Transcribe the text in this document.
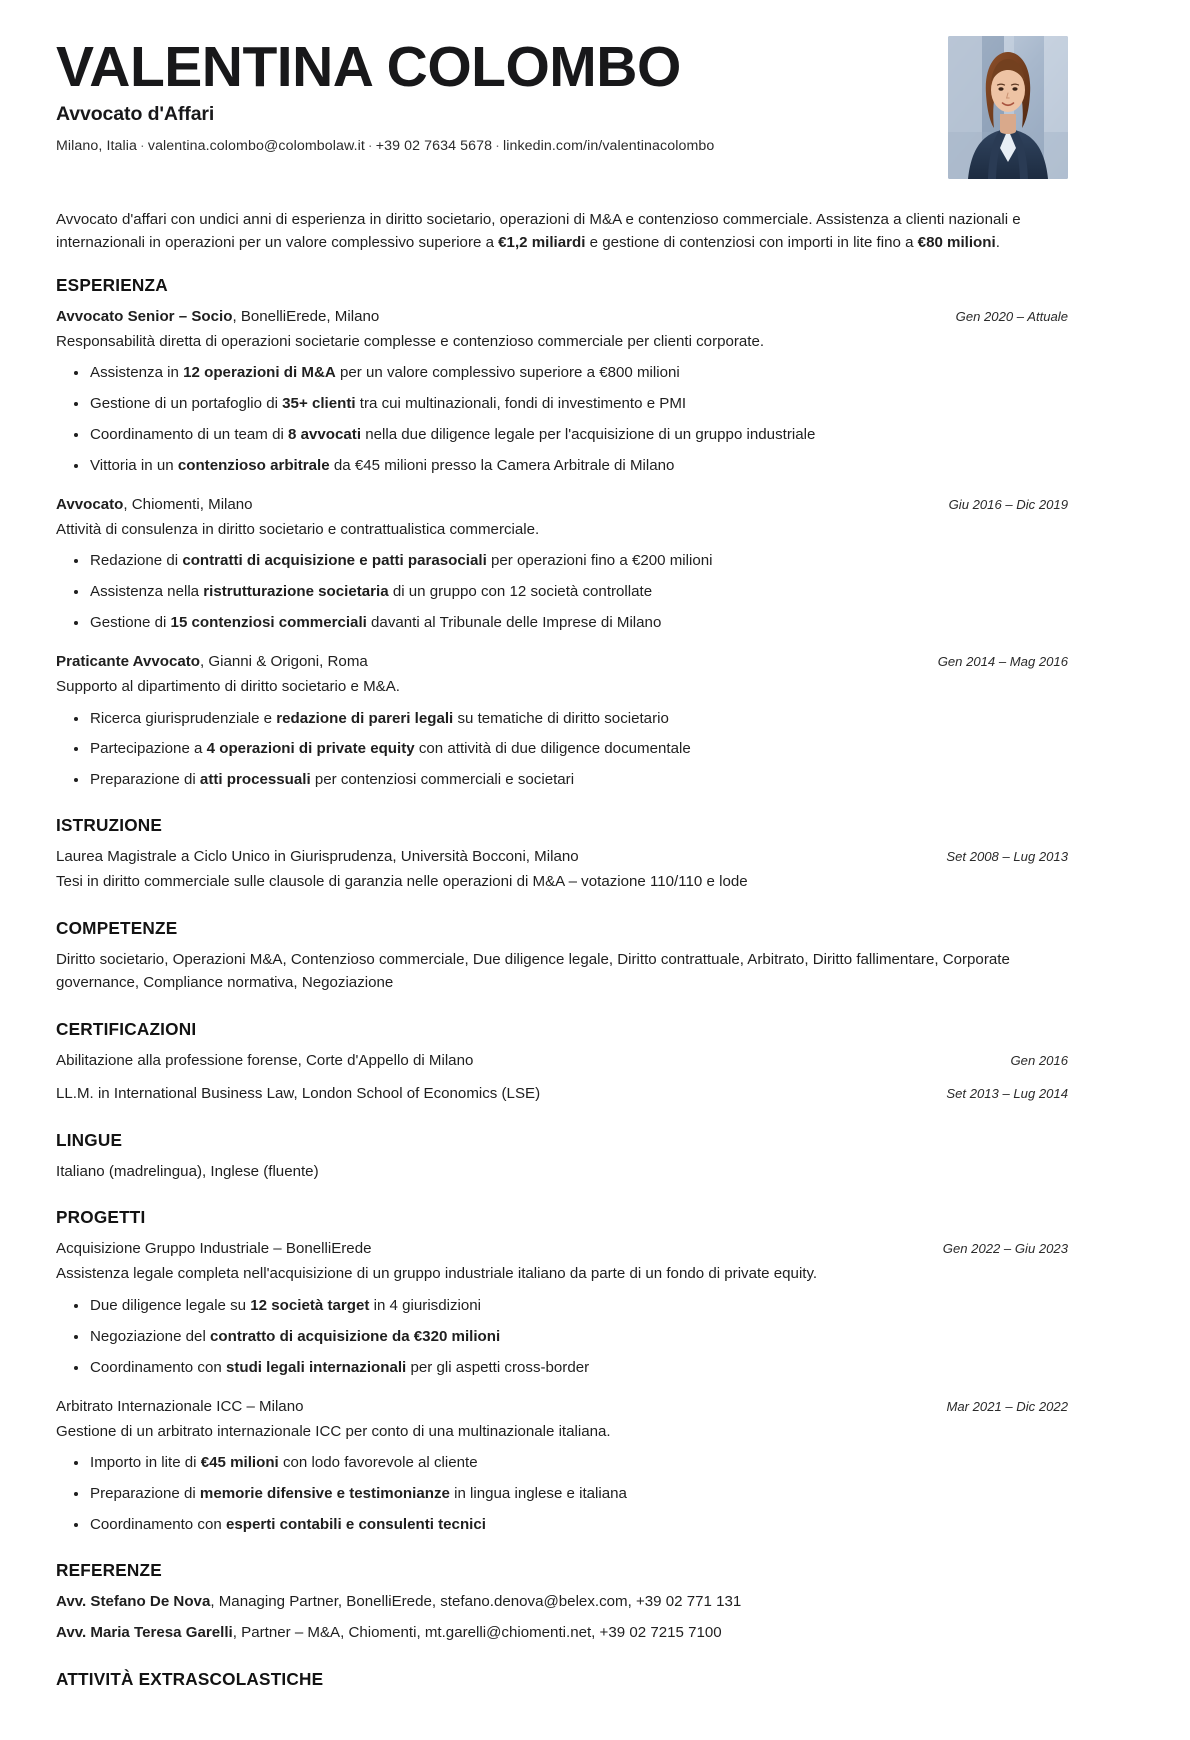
VALENTINA COLOMBO
Avvocato d'Affari
Milano, Italia · valentina.colombo@colombolaw.it · +39 02 7634 5678 · linkedin.com/in/valentinacolombo

Avvocato d'affari con undici anni di esperienza in diritto societario, operazioni di M&A e contenzioso commerciale. Assistenza a clienti nazionali e internazionali in operazioni per un valore complessivo superiore a €1,2 miliardi e gestione di contenziosi con importi in lite fino a €80 milioni.

ESPERIENZA
Avvocato Senior – Socio, BonelliErede, Milano	Gen 2020 – Attuale
Responsabilità diretta di operazioni societarie complesse e contenzioso commerciale per clienti corporate.
Assistenza in 12 operazioni di M&A per un valore complessivo superiore a €800 milioni
Gestione di un portafoglio di 35+ clienti tra cui multinazionali, fondi di investimento e PMI
Coordinamento di un team di 8 avvocati nella due diligence legale per l'acquisizione di un gruppo industriale
Vittoria in un contenzioso arbitrale da €45 milioni presso la Camera Arbitrale di Milano
Avvocato, Chiomenti, Milano	Giu 2016 – Dic 2019
Attività di consulenza in diritto societario e contrattualistica commerciale.
Redazione di contratti di acquisizione e patti parasociali per operazioni fino a €200 milioni
Assistenza nella ristrutturazione societaria di un gruppo con 12 società controllate
Gestione di 15 contenziosi commerciali davanti al Tribunale delle Imprese di Milano
Praticante Avvocato, Gianni & Origoni, Roma	Gen 2014 – Mag 2016
Supporto al dipartimento di diritto societario e M&A.
Ricerca giurisprudenziale e redazione di pareri legali su tematiche di diritto societario
Partecipazione a 4 operazioni di private equity con attività di due diligence documentale
Preparazione di atti processuali per contenziosi commerciali e societari
ISTRUZIONE
Laurea Magistrale a Ciclo Unico in Giurisprudenza, Università Bocconi, Milano	Set 2008 – Lug 2013
Tesi in diritto commerciale sulle clausole di garanzia nelle operazioni di M&A – votazione 110/110 e lode
COMPETENZE
Diritto societario, Operazioni M&A, Contenzioso commerciale, Due diligence legale, Diritto contrattuale, Arbitrato, Diritto fallimentare, Corporate governance, Compliance normativa, Negoziazione
CERTIFICAZIONI
Abilitazione alla professione forense, Corte d'Appello di Milano	Gen 2016
LL.M. in International Business Law, London School of Economics (LSE)	Set 2013 – Lug 2014
LINGUE
Italiano (madrelingua), Inglese (fluente)
PROGETTI
Acquisizione Gruppo Industriale – BonelliErede	Gen 2022 – Giu 2023
Assistenza legale completa nell'acquisizione di un gruppo industriale italiano da parte di un fondo di private equity.
Due diligence legale su 12 società target in 4 giurisdizioni
Negoziazione del contratto di acquisizione da €320 milioni
Coordinamento con studi legali internazionali per gli aspetti cross-border
Arbitrato Internazionale ICC – Milano	Mar 2021 – Dic 2022
Gestione di un arbitrato internazionale ICC per conto di una multinazionale italiana.
Importo in lite di €45 milioni con lodo favorevole al cliente
Preparazione di memorie difensive e testimonianze in lingua inglese e italiana
Coordinamento con esperti contabili e consulenti tecnici
REFERENZE
Avv. Stefano De Nova, Managing Partner, BonelliErede, stefano.denova@belex.com, +39 02 771 131
Avv. Maria Teresa Garelli, Partner – M&A, Chiomenti, mt.garelli@chiomenti.net, +39 02 7215 7100
ATTIVITÀ EXTRASCOLASTICHE
